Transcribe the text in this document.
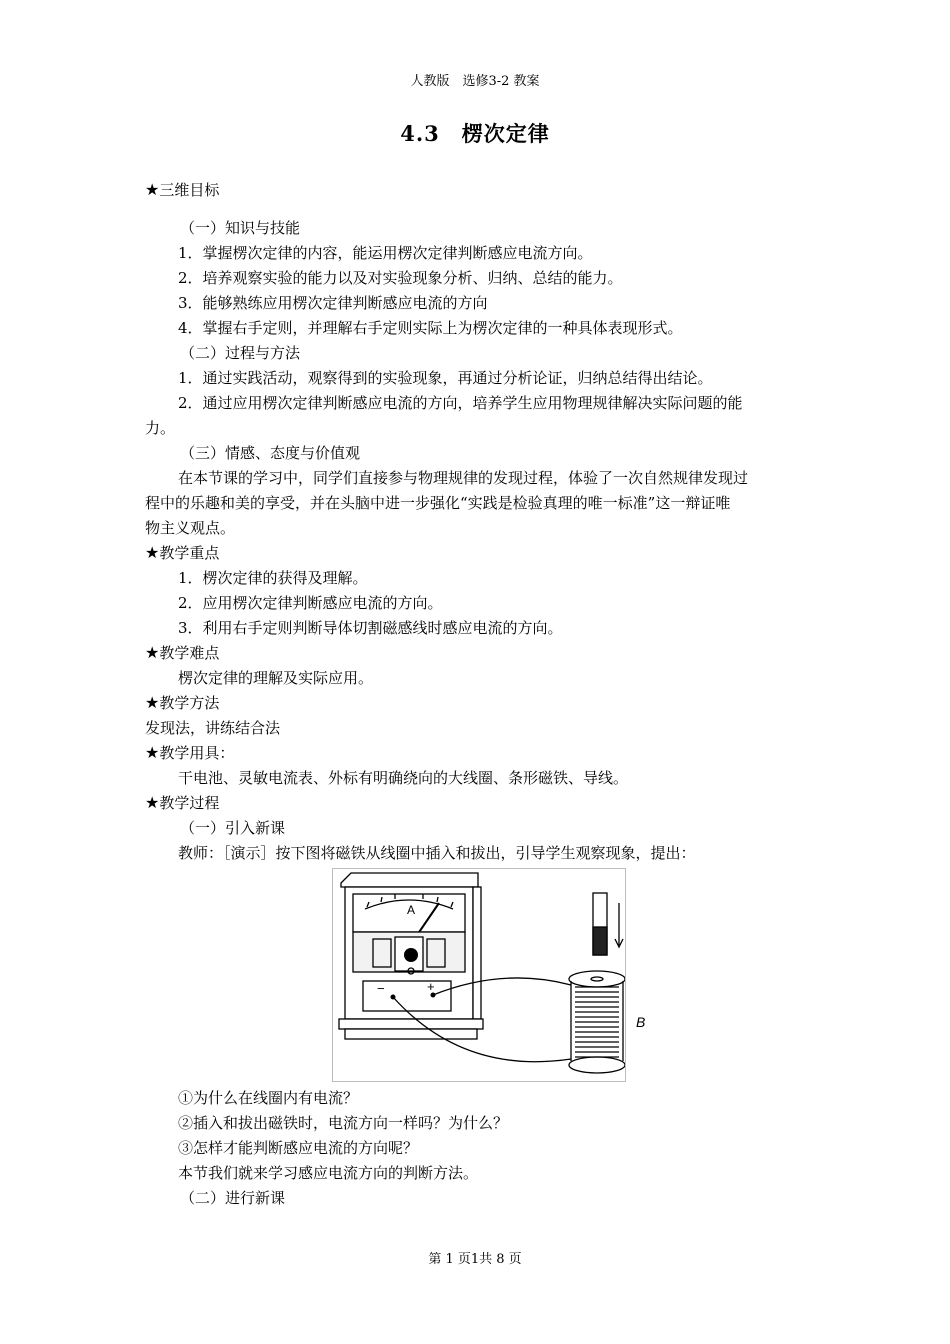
人教版　选修3-2 教案
4.3　楞次定律
★三维目标
（一）知识与技能
1．掌握楞次定律的内容，能运用楞次定律判断感应电流方向。
2．培养观察实验的能力以及对实验现象分析、归纳、总结的能力。
3．能够熟练应用楞次定律判断感应电流的方向
4．掌握右手定则，并理解右手定则实际上为楞次定律的一种具体表现形式。
（二）过程与方法
1．通过实践活动，观察得到的实验现象，再通过分析论证，归纳总结得出结论。
2．通过应用楞次定律判断感应电流的方向，培养学生应用物理规律解决实际问题的能
力。
（三）情感、态度与价值观
在本节课的学习中，同学们直接参与物理规律的发现过程，体验了一次自然规律发现过
程中的乐趣和美的享受，并在头脑中进一步强化“实践是检验真理的唯一标准”这一辩证唯
物主义观点。
★教学重点
1．楞次定律的获得及理解。
2．应用楞次定律判断感应电流的方向。
3．利用右手定则判断导体切割磁感线时感应电流的方向。
★教学难点
楞次定律的理解及实际应用。
★教学方法
发现法，讲练结合法
★教学用具：
干电池、灵敏电流表、外标有明确绕向的大线圈、条形磁铁、导线。
★教学过程
（一）引入新课
教师：［演示］按下图将磁铁从线圈中插入和拔出，引导学生观察现象，提出：
A
−	+
B
①为什么在线圈内有电流？
②插入和拔出磁铁时，电流方向一样吗？为什么？
③怎样才能判断感应电流的方向呢？
本节我们就来学习感应电流方向的判断方法。
（二）进行新课
第 1 页1共 8 页
